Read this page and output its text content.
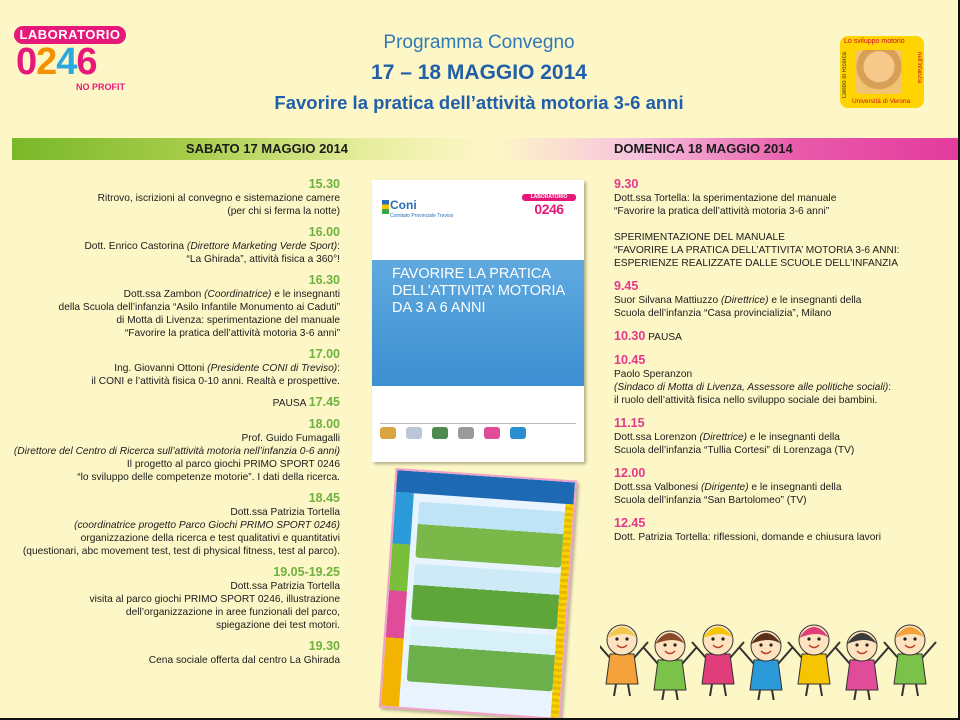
LABORATORIO
0246
NO PROFIT
Programma Convegno
17 – 18 MAGGIO 2014
Favorire la pratica dell’attività motoria 3-6 anni
Lo sviluppo motorio
nell'infanzia
Centro di Ricerca
Università di Verona
SABATO 17 MAGGIO 2014	DOMENICA 18 MAGGIO 2014
15.30
Ritrovo, iscrizioni al convegno e sistemazione camere
(per chi si ferma la notte)
16.00
Dott. Enrico Castorina (Direttore Marketing Verde Sport):
“La Ghirada”, attività fisica a 360°!
16.30
Dott.ssa Zambon (Coordinatrice) e le insegnanti
della Scuola dell’infanzia “Asilo Infantile Monumento ai Caduti”
di Motta di Livenza: sperimentazione del manuale
“Favorire la pratica dell’attività motoria 3-6 anni”
17.00
Ing. Giovanni Ottoni (Presidente CONI di Treviso):
il CONI e l’attività fisica 0-10 anni. Realtà e prospettive.
PAUSA 17.45
18.00
Prof. Guido Fumagalli
(Direttore del Centro di Ricerca sull’attività motoria nell’infanzia 0-6 anni)
Il progetto al parco giochi PRIMO SPORT 0246
“lo sviluppo delle competenze motorie”. I dati della ricerca.
18.45
Dott.ssa Patrizia Tortella
(coordinatrice progetto Parco Giochi PRIMO SPORT 0246)
organizzazione della ricerca e test qualitativi e quantitativi
(questionari, abc movement test, test di physical fitness, test al parco).
19.05-19.25
Dott.ssa Patrizia Tortella
visita al parco giochi PRIMO SPORT 0246, illustrazione
dell’organizzazione in aree funzionali del parco,
spiegazione dei test motori.
19.30
Cena sociale offerta dal centro La Ghirada
9.30
Dott.ssa Tortella: la sperimentazione del manuale
“Favorire la pratica dell’attività motoria 3-6 anni”

SPERIMENTAZIONE DEL MANUALE
“FAVORIRE LA PRATICA DELL’ATTIVITA’ MOTORIA 3-6 ANNI:
ESPERIENZE REALIZZATE DALLE SCUOLE DELL’INFANZIA
9.45
Suor Silvana Mattiuzzo (Direttrice) e le insegnanti della
Scuola dell’infanzia “Casa provincializia”, Milano
10.30 PAUSA
10.45
Paolo Speranzon
(Sindaco di Motta di Livenza, Assessore alle politiche sociali):
il ruolo dell’attività fisica nello sviluppo sociale dei bambini.
11.15
Dott.ssa Lorenzon (Direttrice) e le insegnanti della
Scuola dell’infanzia “Tullia Cortesi” di Lorenzaga (TV)
12.00
Dott.ssa Valbonesi (Dirigente) e le insegnanti della
Scuola dell’infanzia “San Bartolomeo” (TV)
12.45
Dott. Patrizia Tortella: riflessioni, domande e chiusura lavori
Coni
Comitato Provinciale Treviso
LABORATORIO
0246
FAVORIRE LA PRATICA DELL’ATTIVITA’ MOTORIA DA 3 A 6 ANNI
